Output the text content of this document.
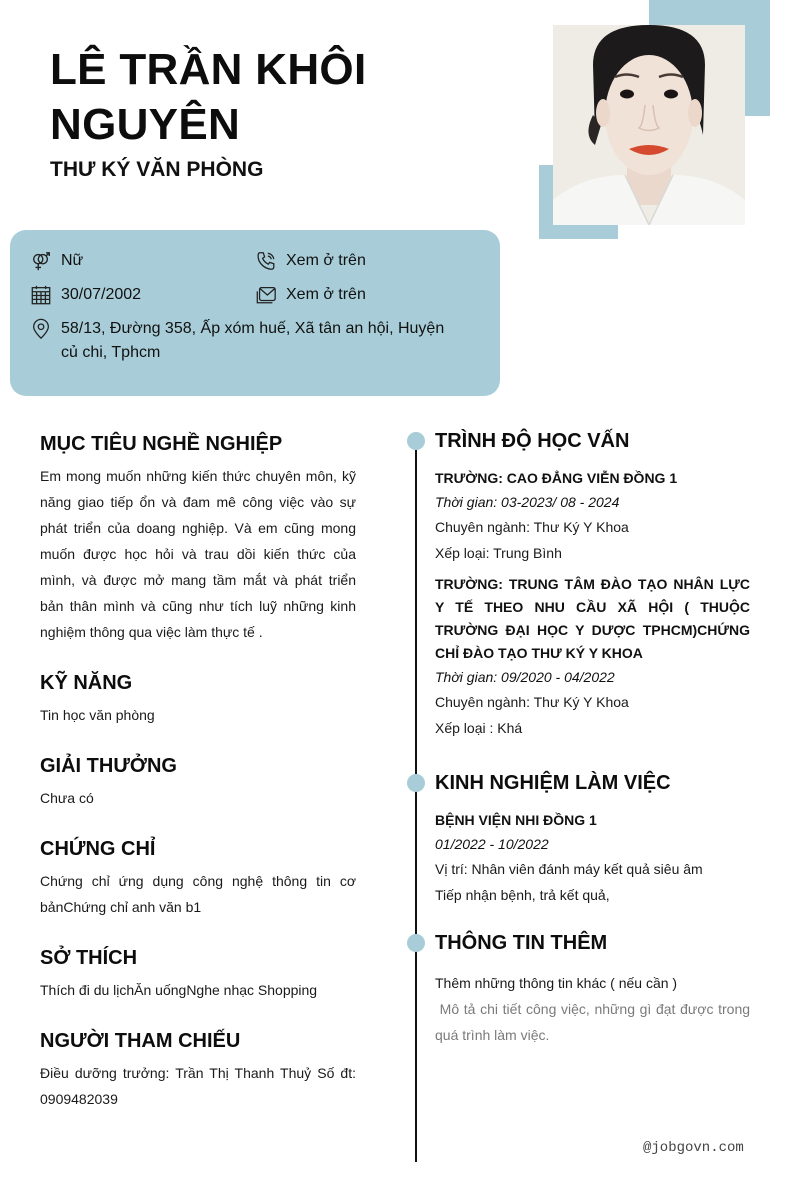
LÊ TRẦN KHÔI NGUYÊN
THƯ KÝ VĂN PHÒNG
Nữ	Xem ở trên
30/07/2002	Xem ở trên
58/13, Đường 358, Ấp xóm huế, Xã tân an hội, Huyện củ chi, Tphcm
MỤC TIÊU NGHỀ NGHIỆP
Em mong muốn những kiến thức chuyên môn, kỹ năng giao tiếp ổn và đam mê công việc vào sự phát triển của doang nghiệp. Và em cũng mong muốn được học hỏi và trau dồi kiến thức của mình, và được mở mang tầm mắt và phát triển bản thân mình và cũng như tích luỹ những kinh nghiệm thông qua việc làm thực tế .
KỸ NĂNG
Tin học văn phòng
GIẢI THƯỞNG
Chưa có
CHỨNG CHỈ
Chứng chỉ ứng dụng công nghệ thông tin cơ bảnChứng chỉ anh văn b1
SỞ THÍCH
Thích đi du lịchĂn uốngNghe nhạc Shopping
NGƯỜI THAM CHIẾU
Điều dưỡng trưởng: Trần Thị Thanh Thuỷ Số đt: 0909482039
TRÌNH ĐỘ HỌC VẤN
TRƯỜNG: CAO ĐẲNG VIỄN ĐỒNG 1
Thời gian: 03-2023/ 08 - 2024
Chuyên ngành: Thư Ký Y Khoa
Xếp loại: Trung Bình
TRƯỜNG: TRUNG TÂM ĐÀO TẠO NHÂN LỰC Y TẾ THEO NHU CẦU XÃ HỘI ( THUỘC TRƯỜNG ĐẠI HỌC Y DƯỢC TPHCM)CHỨNG CHỈ ĐÀO TẠO THƯ KÝ Y KHOA
Thời gian: 09/2020 - 04/2022
Chuyên ngành: Thư Ký Y Khoa
Xếp loại : Khá
KINH NGHIỆM LÀM VIỆC
BỆNH VIỆN NHI ĐỒNG 1
01/2022 - 10/2022
Vị trí: Nhân viên đánh máy kết quả siêu âm
Tiếp nhận bệnh, trả kết quả,
THÔNG TIN THÊM
Thêm những thông tin khác ( nếu cần )
Mô tả chi tiết công việc, những gì đạt được trong quá trình làm việc.
@jobgovn.com
